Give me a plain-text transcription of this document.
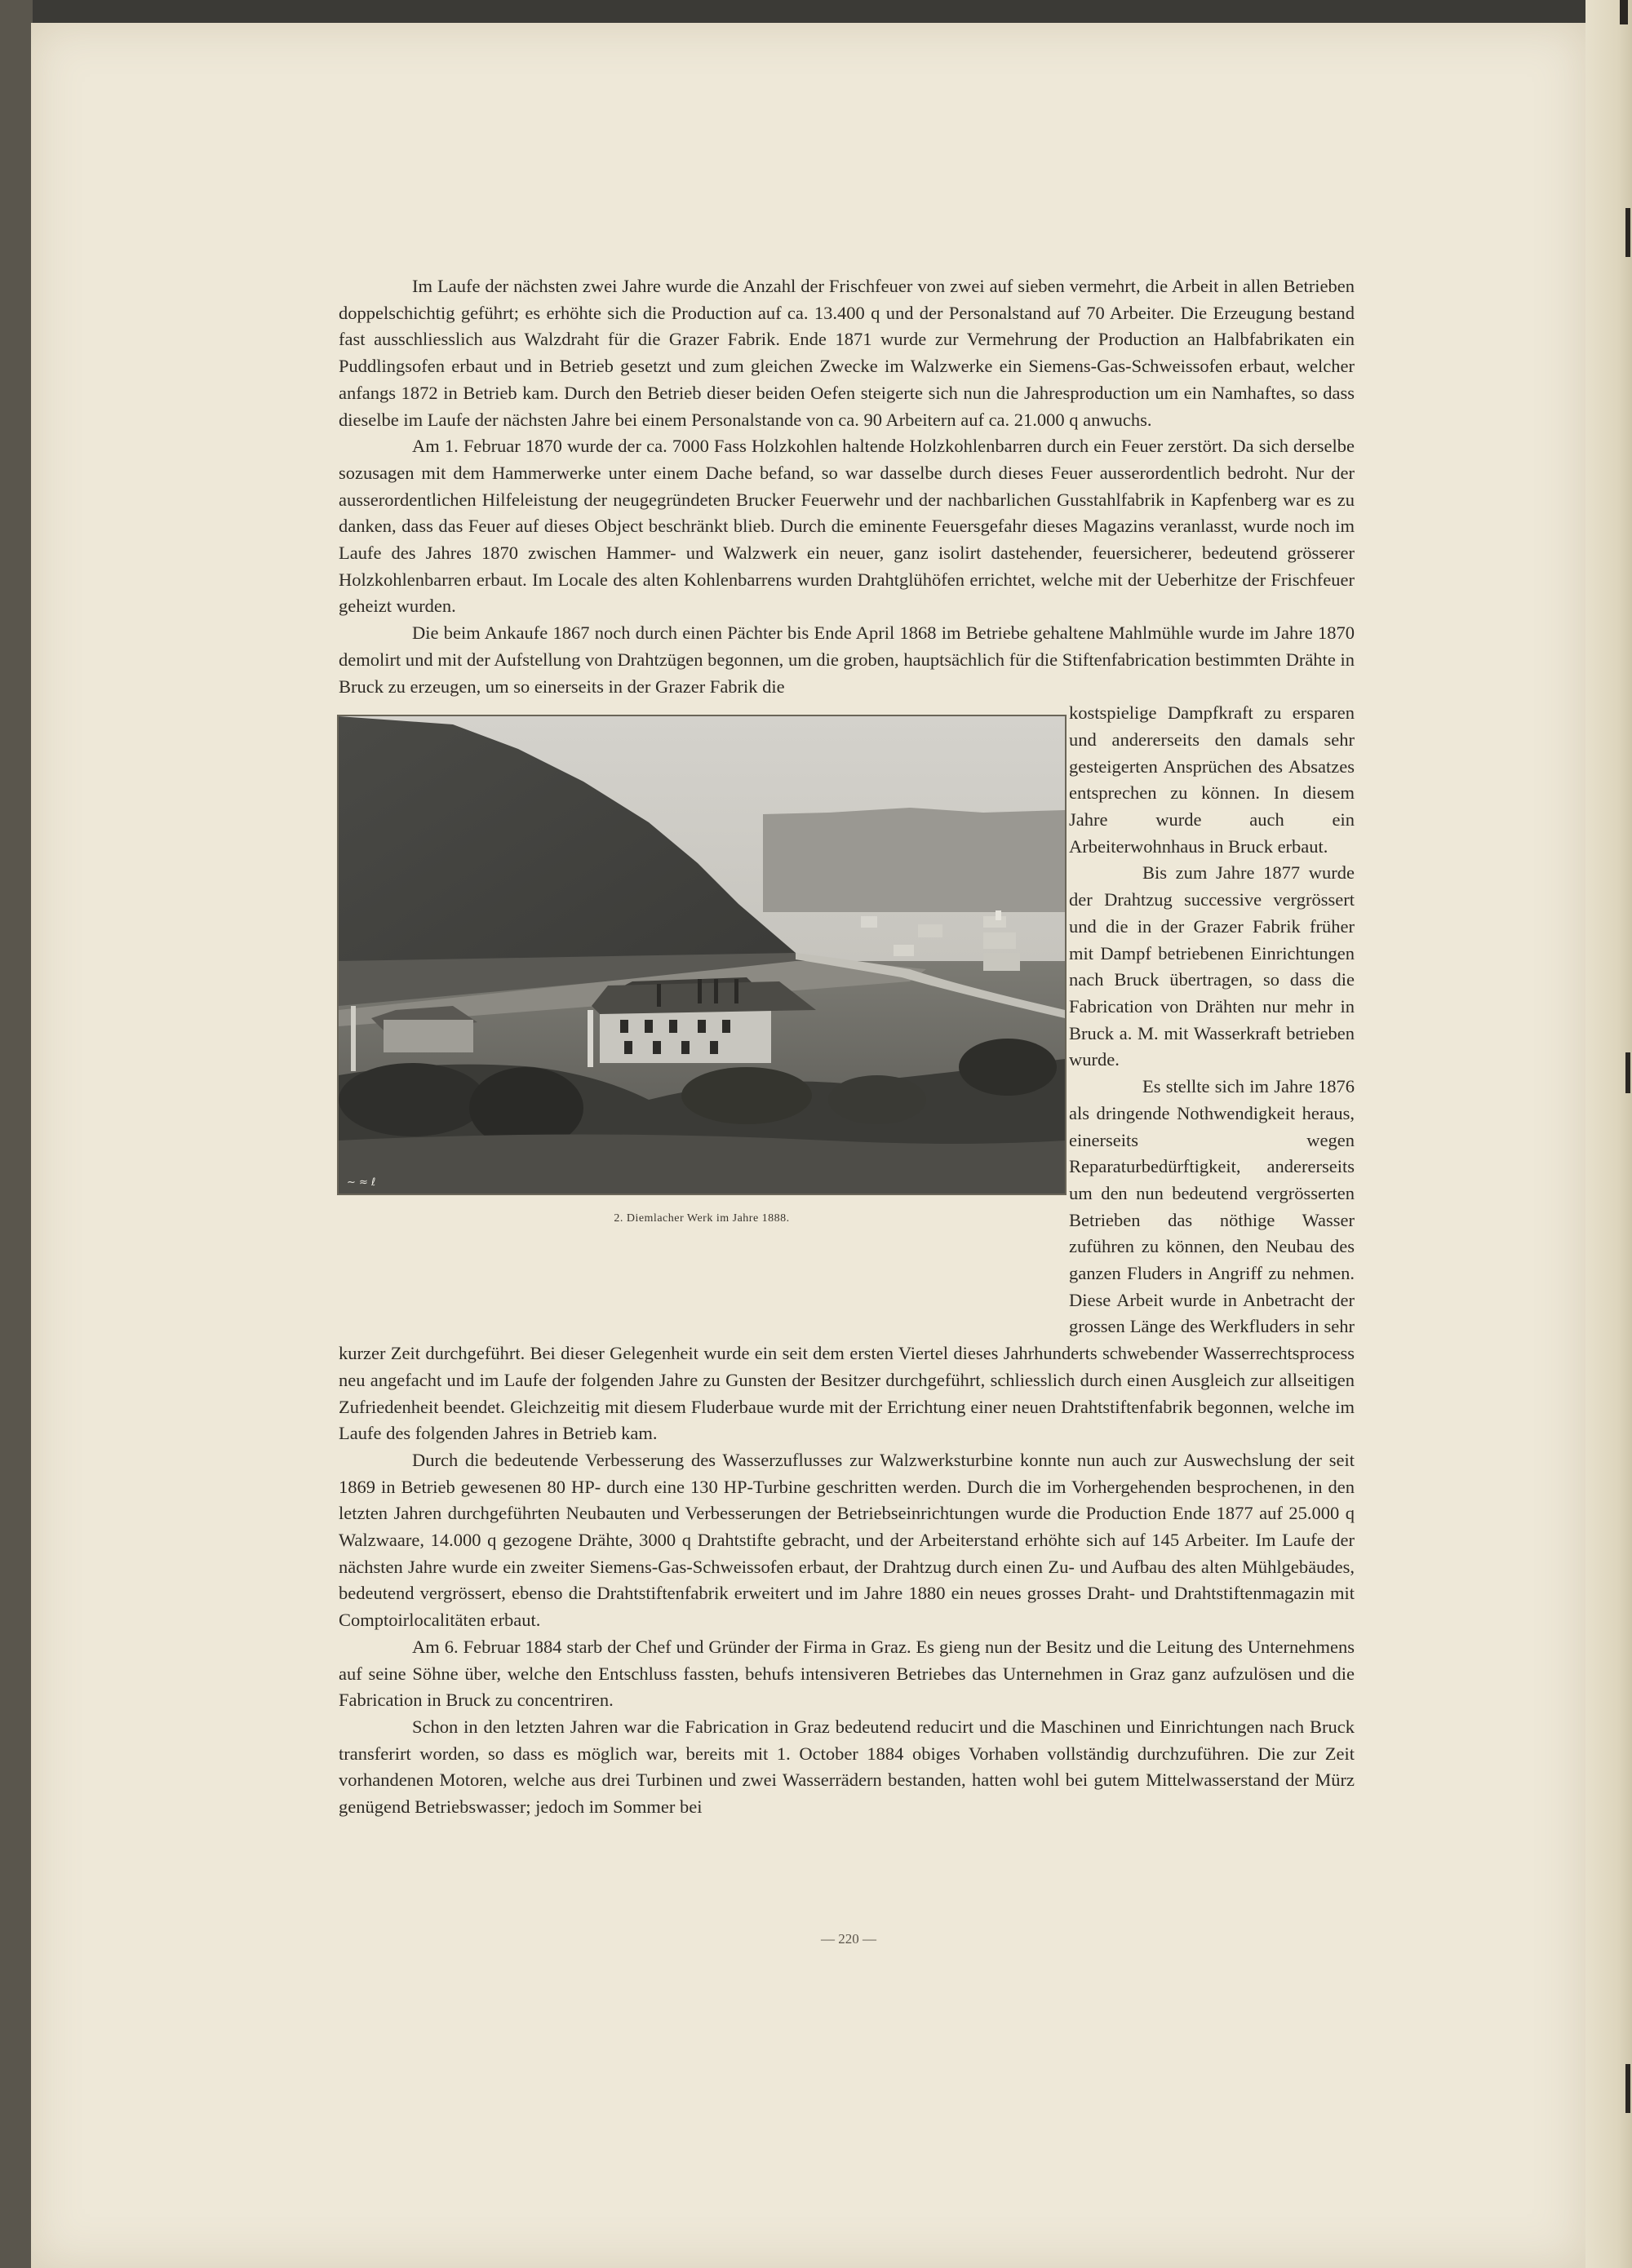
Im Laufe der nächsten zwei Jahre wurde die Anzahl der Frischfeuer von zwei auf sieben vermehrt, die Arbeit in allen Betrieben doppelschichtig geführt; es erhöhte sich die Production auf ca. 13.400 q und der Personalstand auf 70 Arbeiter. Die Erzeugung bestand fast ausschliesslich aus Walzdraht für die Grazer Fabrik. Ende 1871 wurde zur Vermehrung der Production an Halbfabrikaten ein Puddlingsofen erbaut und in Betrieb gesetzt und zum gleichen Zwecke im Walzwerke ein Siemens-Gas-Schweissofen erbaut, welcher anfangs 1872 in Betrieb kam. Durch den Betrieb dieser beiden Oefen steigerte sich nun die Jahresproduction um ein Namhaftes, so dass dieselbe im Laufe der nächsten Jahre bei einem Personalstande von ca. 90 Arbeitern auf ca. 21.000 q anwuchs.

Am 1. Februar 1870 wurde der ca. 7000 Fass Holzkohlen haltende Holzkohlenbarren durch ein Feuer zerstört. Da sich derselbe sozusagen mit dem Hammerwerke unter einem Dache befand, so war dasselbe durch dieses Feuer ausserordentlich bedroht. Nur der ausserordentlichen Hilfeleistung der neugegründeten Brucker Feuerwehr und der nachbarlichen Gusstahlfabrik in Kapfenberg war es zu danken, dass das Feuer auf dieses Object beschränkt blieb. Durch die eminente Feuersgefahr dieses Magazins veranlasst, wurde noch im Laufe des Jahres 1870 zwischen Hammer- und Walzwerk ein neuer, ganz isolirt dastehender, feuersicherer, bedeutend grösserer Holzkohlenbarren erbaut. Im Locale des alten Kohlenbarrens wurden Drahtglühöfen errichtet, welche mit der Ueberhitze der Frischfeuer geheizt wurden.

Die beim Ankaufe 1867 noch durch einen Pächter bis Ende April 1868 im Betriebe gehaltene Mahlmühle wurde im Jahre 1870 demolirt und mit der Aufstellung von Drahtzügen begonnen, um die groben, hauptsächlich für die Stiftenfabrication bestimmten Drähte in Bruck zu erzeugen, um so einerseits in der Grazer Fabrik die

~ ≈ ℓ
2. Diemlacher Werk im Jahre 1888.

kostspielige Dampfkraft zu ersparen und andererseits den damals sehr gesteigerten Ansprüchen des Absatzes entsprechen zu können. In diesem Jahre wurde auch ein Arbeiterwohnhaus in Bruck erbaut.

Bis zum Jahre 1877 wurde der Drahtzug successive vergrössert und die in der Grazer Fabrik früher mit Dampf betriebenen Einrichtungen nach Bruck übertragen, so dass die Fabrication von Drähten nur mehr in Bruck a. M. mit Wasserkraft betrieben wurde.

Es stellte sich im Jahre 1876 als dringende Nothwendigkeit heraus, einerseits wegen Reparaturbedürftigkeit, andererseits um den nun bedeutend vergrösserten Betrieben das nöthige Wasser zuführen zu können, den Neubau des ganzen Fluders in Angriff zu nehmen. Diese Arbeit wurde in Anbetracht der grossen Länge des Werkfluders in sehr kurzer Zeit durchgeführt. Bei dieser Gelegenheit wurde ein seit dem ersten Viertel dieses Jahrhunderts schwebender Wasserrechtsprocess neu angefacht und im Laufe der folgenden Jahre zu Gunsten der Besitzer durchgeführt, schliesslich durch einen Ausgleich zur allseitigen Zufriedenheit beendet. Gleichzeitig mit diesem Fluderbaue wurde mit der Errichtung einer neuen Drahtstiftenfabrik begonnen, welche im Laufe des folgenden Jahres in Betrieb kam.

Durch die bedeutende Verbesserung des Wasserzuflusses zur Walzwerksturbine konnte nun auch zur Auswechslung der seit 1869 in Betrieb gewesenen 80 HP- durch eine 130 HP-Turbine geschritten werden. Durch die im Vorhergehenden besprochenen, in den letzten Jahren durchgeführten Neubauten und Verbesserungen der Betriebseinrichtungen wurde die Production Ende 1877 auf 25.000 q Walzwaare, 14.000 q gezogene Drähte, 3000 q Drahtstifte gebracht, und der Arbeiterstand erhöhte sich auf 145 Arbeiter. Im Laufe der nächsten Jahre wurde ein zweiter Siemens-Gas-Schweissofen erbaut, der Drahtzug durch einen Zu- und Aufbau des alten Mühlgebäudes, bedeutend vergrössert, ebenso die Drahtstiftenfabrik erweitert und im Jahre 1880 ein neues grosses Draht- und Drahtstiftenmagazin mit Comptoirlocalitäten erbaut.

Am 6. Februar 1884 starb der Chef und Gründer der Firma in Graz. Es gieng nun der Besitz und die Leitung des Unternehmens auf seine Söhne über, welche den Entschluss fassten, behufs intensiveren Betriebes das Unternehmen in Graz ganz aufzulösen und die Fabrication in Bruck zu concentriren.

Schon in den letzten Jahren war die Fabrication in Graz bedeutend reducirt und die Maschinen und Einrichtungen nach Bruck transferirt worden, so dass es möglich war, bereits mit 1. October 1884 obiges Vorhaben vollständig durchzuführen. Die zur Zeit vorhandenen Motoren, welche aus drei Turbinen und zwei Wasserrädern bestanden, hatten wohl bei gutem Mittelwasserstand der Mürz genügend Betriebswasser; jedoch im Sommer bei

— 220 —
